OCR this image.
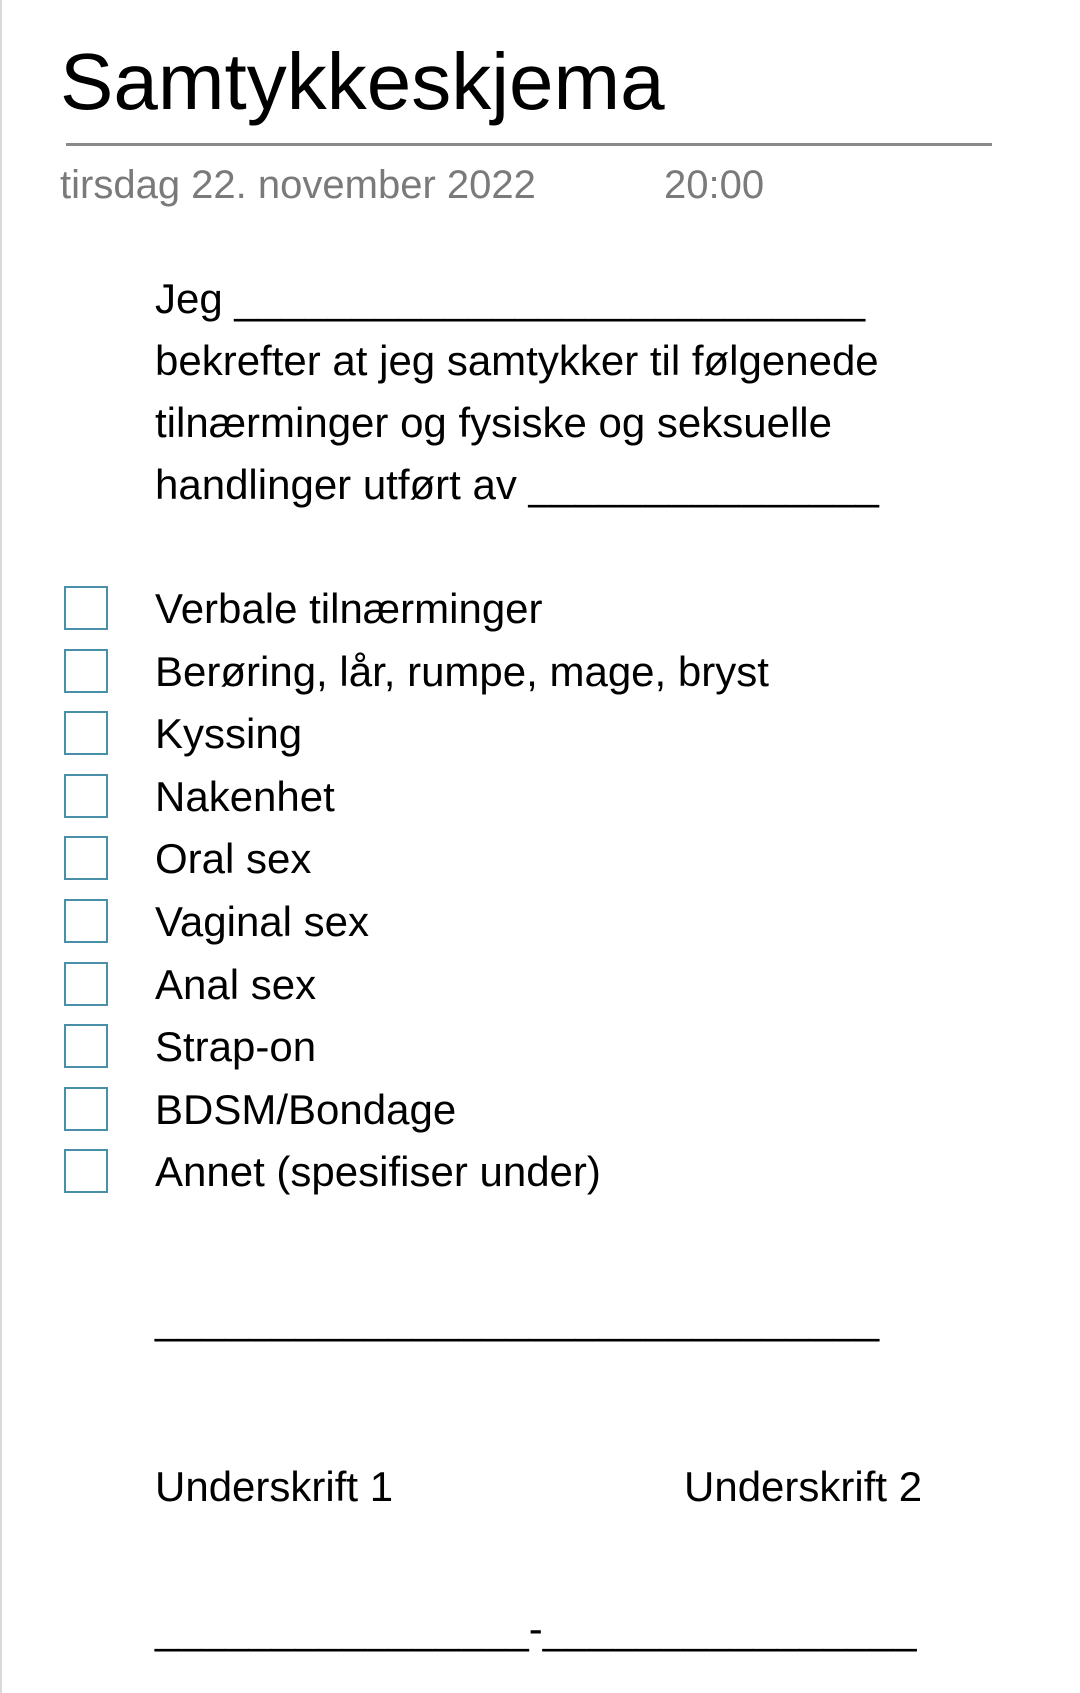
Samtykkeskjema
tirsdag 22. november 2022	20:00
Jeg ___________________________
bekrefter at jeg samtykker til følgenede
tilnærminger og fysiske og seksuelle
handlinger utført av _______________
Verbale tilnærminger
Berøring, lår, rumpe, mage, bryst
Kyssing
Nakenhet
Oral sex
Vaginal sex
Anal sex
Strap-on
BDSM/Bondage
Annet (spesifiser under)
_______________________________
Underskrift 1	Underskrift 2
________________-________________
